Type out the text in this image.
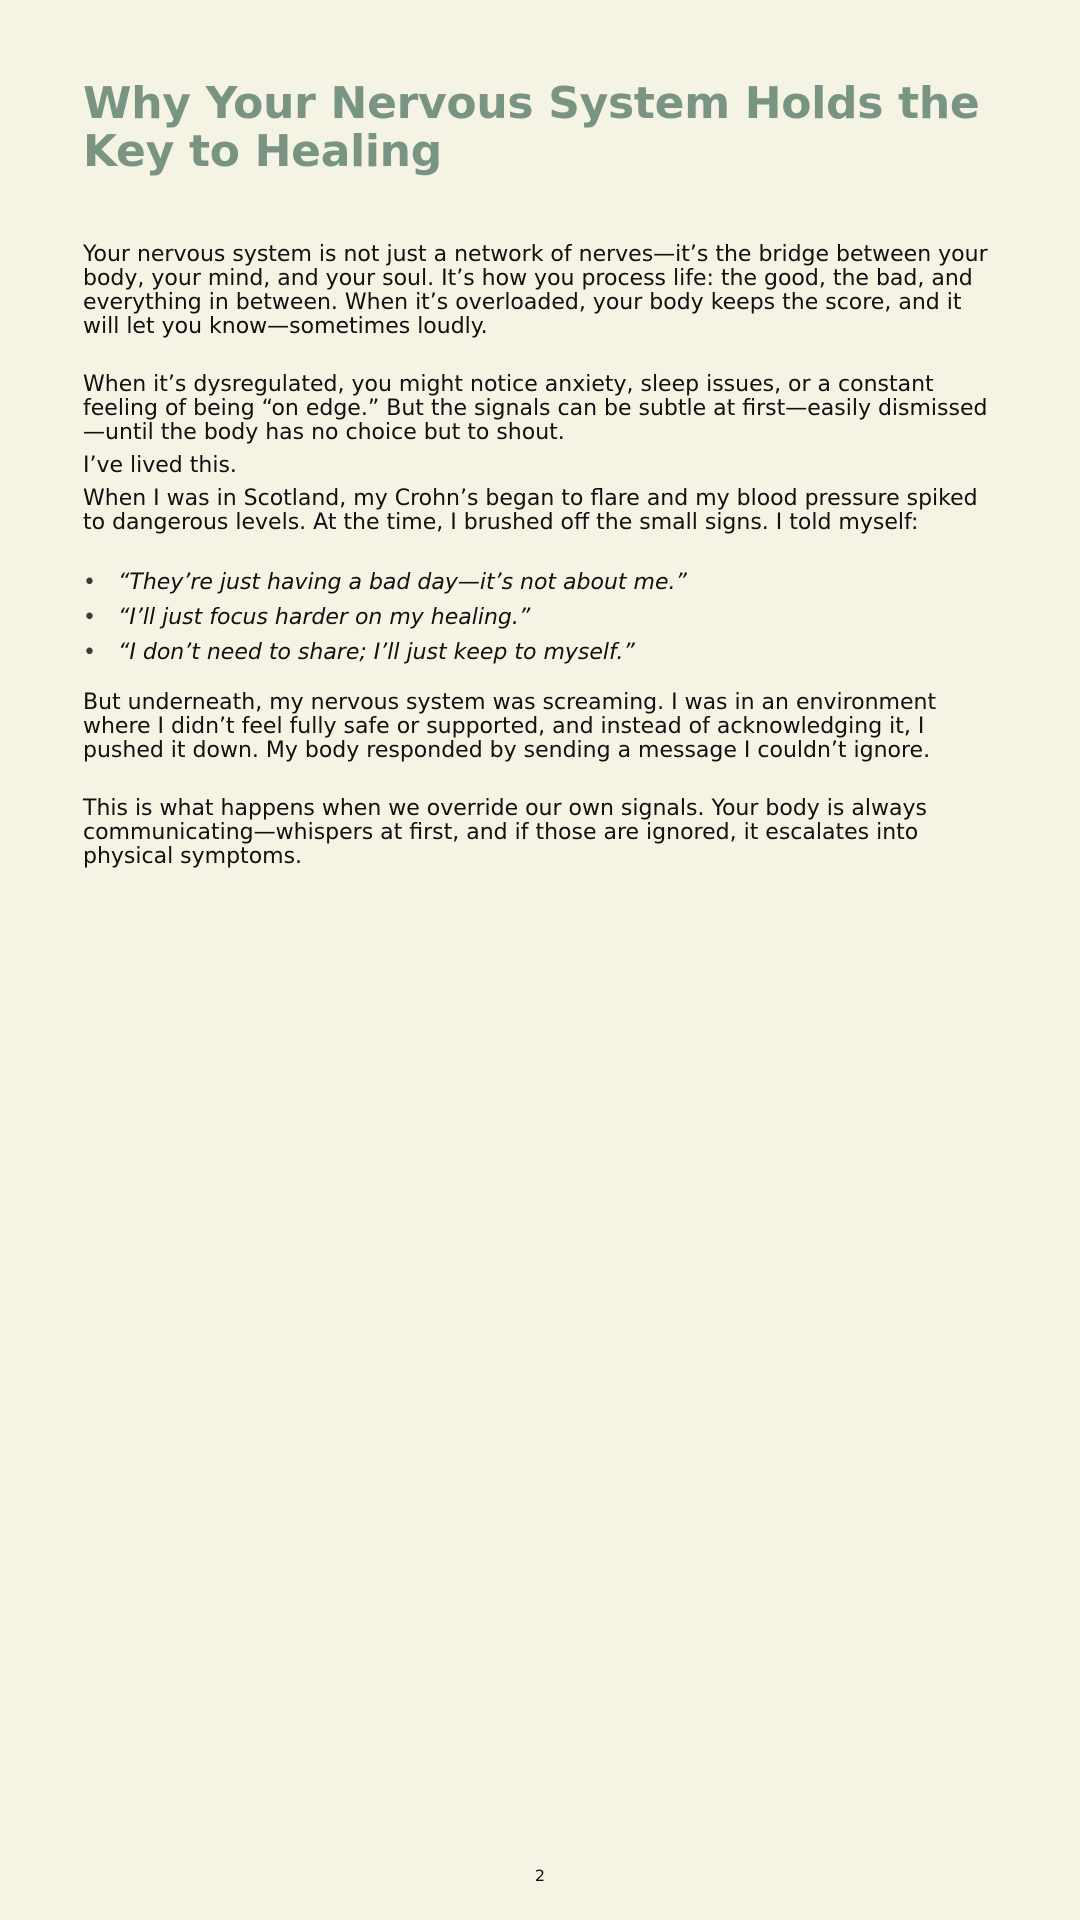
Why Your Nervous System Holds the Key to Healing

Your nervous system is not just a network of nerves—it’s the bridge between your body, your mind, and your soul. It’s how you process life: the good, the bad, and everything in between. When it’s overloaded, your body keeps the score, and it will let you know—sometimes loudly.

When it’s dysregulated, you might notice anxiety, sleep issues, or a constant feeling of being “on edge.” But the signals can be subtle at first—easily dismissed—until the body has no choice but to shout.

I’ve lived this.

When I was in Scotland, my Crohn’s began to flare and my blood pressure spiked to dangerous levels. At the time, I brushed off the small signs. I told myself:

• “They’re just having a bad day—it’s not about me.”
• “I’ll just focus harder on my healing.”
• “I don’t need to share; I’ll just keep to myself.”

But underneath, my nervous system was screaming. I was in an environment where I didn’t feel fully safe or supported, and instead of acknowledging it, I pushed it down. My body responded by sending a message I couldn’t ignore.

This is what happens when we override our own signals. Your body is always communicating—whispers at first, and if those are ignored, it escalates into physical symptoms.

2
